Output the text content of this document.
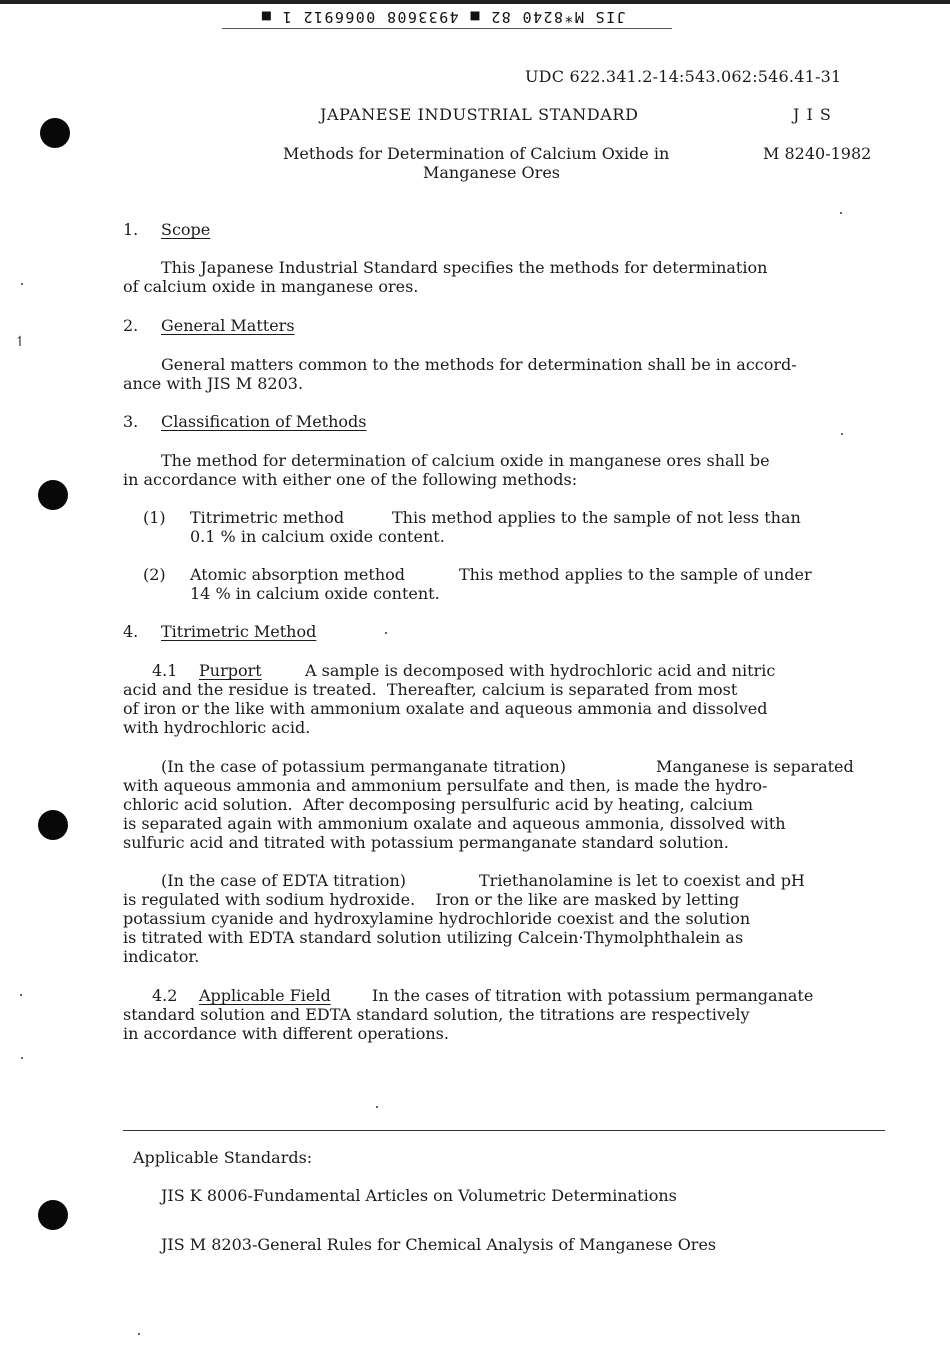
JIS M*8240 82 ■ 4933608 0066912 1 ■
↿
UDC 622.341.2-14:543.062:546.41-31
JAPANESE INDUSTRIAL STANDARD	J I S
Methods for Determination of Calcium Oxide in
Manganese Ores
M 8240-1982
1. Scope
This Japanese Industrial Standard specifies the methods for determination
of calcium oxide in manganese ores.
2. General Matters
General matters common to the methods for determination shall be in accord-
ance with JIS M 8203.
3. Classification of Methods
The method for determination of calcium oxide in manganese ores shall be
in accordance with either one of the following methods:
(1) Titrimetric method	This method applies to the sample of not less than
0.1 % in calcium oxide content.
(2) Atomic absorption method	This method applies to the sample of under
14 % in calcium oxide content.
4. Titrimetric Method
4.1 Purport	A sample is decomposed with hydrochloric acid and nitric
acid and the residue is treated.  Thereafter, calcium is separated from most
of iron or the like with ammonium oxalate and aqueous ammonia and dissolved
with hydrochloric acid.
(In the case of potassium permanganate titration)	Manganese is separated
with aqueous ammonia and ammonium persulfate and then, is made the hydro-
chloric acid solution.  After decomposing persulfuric acid by heating, calcium
is separated again with ammonium oxalate and aqueous ammonia, dissolved with
sulfuric acid and titrated with potassium permanganate standard solution.
(In the case of EDTA titration)	Triethanolamine is let to coexist and pH
is regulated with sodium hydroxide.    Iron or the like are masked by letting
potassium cyanide and hydroxylamine hydrochloride coexist and the solution
is titrated with EDTA standard solution utilizing Calcein·Thymolphthalein as
indicator.
4.2 Applicable Field	In the cases of titration with potassium permanganate
standard solution and EDTA standard solution, the titrations are respectively
in accordance with different operations.
Applicable Standards:
JIS K 8006-Fundamental Articles on Volumetric Determinations
JIS M 8203-General Rules for Chemical Analysis of Manganese Ores
